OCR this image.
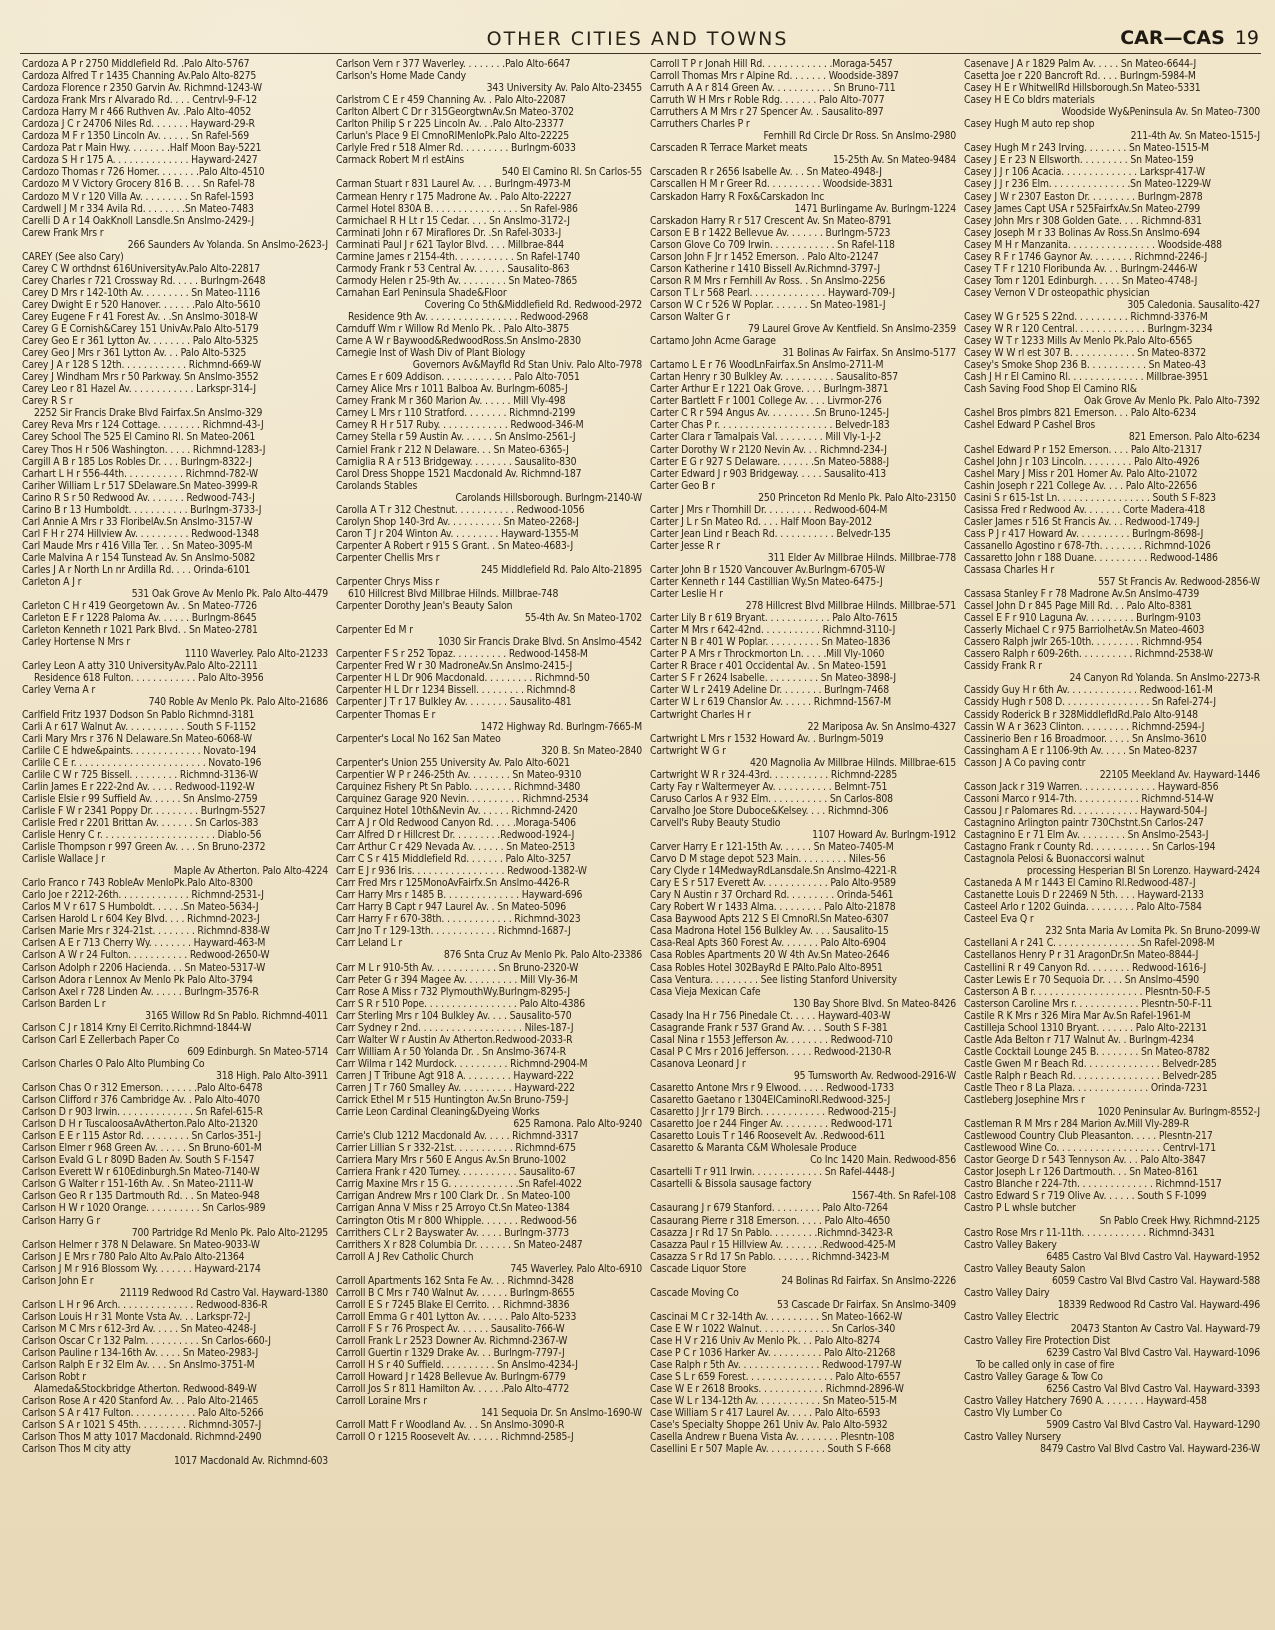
OTHER CITIES AND TOWNS	CAR—CAS 19
Cardoza A P r 2750 Middlefield Rd. .Palo Alto-5767
Cardoza Alfred T r 1435 Channing Av.Palo Alto-8275
Cardoza Florence r 2350 Garvin Av. Richmnd-1243-W
Cardoza Frank Mrs r Alvarado Rd. . . . Centrvl-9-F-12
Cardoza Harry M r 466 Ruthven Av. .Palo Alto-4052
Cardoza J C r 24706 Niles Rd. . . . . . . Hayward-29-R
Cardoza M F r 1350 Lincoln Av. . . . . . Sn Rafel-569
Cardoza Pat r Main Hwy. . . . . . . .Half Moon Bay-5221
Cardoza S H r 175 A. . . . . . . . . . . . . . Hayward-2427
Cardozo Thomas r 726 Homer. . . . . . . .Palo Alto-4510
Cardozo M V Victory Grocery 816 B. . . . Sn Rafel-78
Cardozo M V r 120 Villa Av. . . . . . . . . Sn Rafel-1593
Cardwell J M r 334 Avila Rd. . . . . . . .Sn Mateo-7483
Carelli D A r 14 OakKnoll Lansdle.Sn Anslmo-2429-J
Carew Frank Mrs r
266 Saunders Av Yolanda. Sn Anslmo-2623-J
CAREY (See also Cary)
Carey C W orthdnst 616UniversityAv.Palo Alto-22817
Carey Charles r 721 Crossway Rd. . . . . Burlngm-2648
Carey D Mrs r 142-10th Av. . . . . . . . . Sn Mateo-1116
Carey Dwight E r 520 Hanover. . . . . . .Palo Alto-5610
Carey Eugene F r 41 Forest Av. . .Sn Anslmo-3018-W
Carey G E Cornish&Carey 151 UnivAv.Palo Alto-5179
Carey Geo E r 361 Lytton Av. . . . . . . . Palo Alto-5325
Carey Geo J Mrs r 361 Lytton Av. . . Palo Alto-5325
Carey J A r 128 S 12th. . . . . . . . . . . . Richmnd-669-W
Carey J Windham Mrs r 50 Parkway. Sn Anslmo-3552
Carey Leo r 81 Hazel Av. . . . . . . . . . . . Larkspr-314-J
Carey R S r
2252 Sir Francis Drake Blvd Fairfax.Sn Anslmo-329
Carey Reva Mrs r 124 Cottage. . . . . . . . Richmnd-43-J
Carey School The 525 El Camino Rl. Sn Mateo-2061
Carey Thos H r 506 Washington. . . . . Richmnd-1283-J
Cargill A B r 185 Los Robles Dr. . . . Burlngm-8322-J
Carhart L H r 556-44th. . . . . . . . . . . Richmnd-782-W
Cariher William L r 517 SDelaware.Sn Mateo-3999-R
Carino R S r 50 Redwood Av. . . . . . . Redwood-743-J
Carino B r 13 Humboldt. . . . . . . . . . . Burlngm-3733-J
Carl Annie A Mrs r 33 FloribelAv.Sn Anslmo-3157-W
Carl F H r 274 Hillview Av. . . . . . . . . . Redwood-1348
Carl Maude Mrs r 416 Villa Ter. . . Sn Mateo-3095-M
Carle Malvina A r 154 Tunstead Av. Sn Anslmo-5082
Carles J A r North Ln nr Ardilla Rd. . . . Orinda-6101
Carleton A J r
531 Oak Grove Av Menlo Pk. Palo Alto-4479
Carleton C H r 419 Georgetown Av. . Sn Mateo-7726
Carleton E F r 1228 Paloma Av. . . . . . Burlngm-8645
Carleton Kenneth r 1021 Park Blvd. . Sn Mateo-2781
Carley Hortense N Mrs r
1110 Waverley. Palo Alto-21233
Carley Leon A atty 310 UniversityAv.Palo Alto-22111
Residence 618 Fulton. . . . . . . . . . . . Palo Alto-3956
Carley Verna A r
740 Roble Av Menlo Pk. Palo Alto-21686
Carlfield Fritz 1937 Dodson Sn Pablo Richmnd-3181
Carli A r 617 Walnut Av. . . . . . . . . . . South S F-1152
Carli Mary Mrs r 376 N Delaware.Sn Mateo-6068-W
Carlile C E hdwe&paints. . . . . . . . . . . . . Novato-194
Carlile C E r. . . . . . . . . . . . . . . . . . . . . . . . Novato-196
Carlile C W r 725 Bissell. . . . . . . . . Richmnd-3136-W
Carlin James E r 222-2nd Av. . . . . Redwood-1192-W
Carlisle Elsie r 99 Suffield Av. . . . . . Sn Anslmo-2759
Carlisle F W r 2341 Poppy Dr. . . . . . . . . Burlngm-5527
Carlisle Fred r 2201 Brittan Av. . . . . . . Sn Carlos-383
Carlisle Henry C r. . . . . . . . . . . . . . . . . . . . . Diablo-56
Carlisle Thompson r 997 Green Av. . . . Sn Bruno-2372
Carlisle Wallace J r
Maple Av Atherton. Palo Alto-4224
Carlo Franco r 743 RobleAv MenloPk.Palo Alto-8300
Carlo Joe r 2212-26th. . . . . . . . . . . . . Richmnd-2531-J
Carlos M V r 617 S Humboldt. . . . . .Sn Mateo-5634-J
Carlsen Harold L r 604 Key Blvd. . . . Richmnd-2023-J
Carlsen Marie Mrs r 324-21st. . . . . . . . Richmnd-838-W
Carlsen A E r 713 Cherry Wy. . . . . . . . Hayward-463-M
Carlson A W r 24 Fulton. . . . . . . . . . . Redwood-2650-W
Carlson Adolph r 2206 Hacienda. . . Sn Mateo-5317-W
Carlson Adora r Lennox Av Menlo Pk Palo Alto-3794
Carlson Axel r 728 Linden Av. . . . . . Burlngm-3576-R
Carlson Barden L r
3165 Willow Rd Sn Pablo. Richmnd-4011
Carlson C J r 1814 Krny El Cerrito.Richmnd-1844-W
Carlson Carl E Zellerbach Paper Co
609 Edinburgh. Sn Mateo-5714
Carlson Charles O Palo Alto Plumbing Co
318 High. Palo Alto-3911
Carlson Chas O r 312 Emerson. . . . . . .Palo Alto-6478
Carlson Clifford r 376 Cambridge Av. . Palo Alto-4070
Carlson D r 903 Irwin. . . . . . . . . . . . . . Sn Rafel-615-R
Carlson D H r TuscaloosaAvAtherton.Palo Alto-21320
Carlson E E r 115 Astor Rd. . . . . . . . . Sn Carlos-351-J
Carlson Elmer r 968 Green Av. . . . . . Sn Bruno-601-M
Carlson Evald G L r 809D Baden Av. South S F-1547
Carlson Everett W r 610Edinburgh.Sn Mateo-7140-W
Carlson G Walter r 151-16th Av. . Sn Mateo-2111-W
Carlson Geo R r 135 Dartmouth Rd. . . Sn Mateo-948
Carlson H W r 1020 Orange. . . . . . . . . . Sn Carlos-989
Carlson Harry G r
700 Partridge Rd Menlo Pk. Palo Alto-21295
Carlson Helmer r 378 N Delaware. Sn Mateo-9033-W
Carlson J E Mrs r 780 Palo Alto Av.Palo Alto-21364
Carlson J M r 916 Blossom Wy. . . . . . . Hayward-2174
Carlson John E r
21119 Redwood Rd Castro Val. Hayward-1380
Carlson L H r 96 Arch. . . . . . . . . . . . . . Redwood-836-R
Carlson Louis H r 31 Monte Vsta Av. . . Larkspr-72-J
Carlson M C Mrs r 612-3rd Av. . . . . Sn Mateo-4248-J
Carlson Oscar C r 132 Palm. . . . . . . . . . Sn Carlos-660-J
Carlson Pauline r 134-16th Av. . . . . Sn Mateo-2983-J
Carlson Ralph E r 32 Elm Av. . . . Sn Anslmo-3751-M
Carlson Robt r
Alameda&Stockbridge Atherton. Redwood-849-W
Carlson Rose A r 420 Stanford Av. . . Palo Alto-21465
Carlson S A r 417 Fulton. . . . . . . . . . . . Palo Alto-5266
Carlson S A r 1021 S 45th. . . . . . . . . Richmnd-3057-J
Carlson Thos M atty 1017 Macdonald. Richmnd-2490
Carlson Thos M city atty
1017 Macdonald Av. Richmnd-603
Carlson Vern r 377 Waverley. . . . . . . .Palo Alto-6647
Carlson's Home Made Candy
343 University Av. Palo Alto-23455
Carlstrom C E r 459 Channing Av. . Palo Alto-22087
Carlton Albert C Dr r 315GeorgtwnAv.Sn Mateo-3702
Carlton Philip S r 225 Lincoln Av. . .Palo Alto-23377
Carlun's Place 9 El CmnoRlMenloPk.Palo Alto-22225
Carlyle Fred r 518 Almer Rd. . . . . . . . . Burlngm-6033
Carmack Robert M rl estAins
540 El Camino Rl. Sn Carlos-55
Carman Stuart r 831 Laurel Av. . . . Burlngm-4973-M
Carmean Henry r 175 Madrone Av. . Palo Alto-22227
Carmel Hotel 830A B. . . . . . . . . . . . . . . . Sn Rafel-986
Carmichael R H Lt r 15 Cedar. . . . Sn Anslmo-3172-J
Carminati John r 67 Miraflores Dr. .Sn Rafel-3033-J
Carminati Paul J r 621 Taylor Blvd. . . . Millbrae-844
Carmine James r 2154-4th. . . . . . . . . . . Sn Rafel-1740
Carmody Frank r 53 Central Av. . . . . . Sausalito-863
Carmody Helen r 25-9th Av. . . . . . . . . Sn Mateo-7865
Carnahan Earl Peninsula Shade&Floor
Covering Co 5th&Middlefield Rd. Redwood-2972
Residence 9th Av. . . . . . . . . . . . . . . . . Redwood-2968
Carnduff Wm r Willow Rd Menlo Pk. . Palo Alto-3875
Carne A W r Baywood&RedwoodRoss.Sn Anslmo-2830
Carnegie Inst of Wash Div of Plant Biology
Governors Av&Mayfld Rd Stan Univ. Palo Alto-7978
Carnes E r 609 Addison. . . . . . . . . . . . . Palo Alto-7051
Carney Alice Mrs r 1011 Balboa Av. Burlngm-6085-J
Carney Frank M r 360 Marion Av. . . . . . Mill Vly-498
Carney L Mrs r 110 Stratford. . . . . . . . Richmnd-2199
Carney R H r 517 Ruby. . . . . . . . . . . . . Redwood-346-M
Carney Stella r 59 Austin Av. . . . . . Sn Anslmo-2561-J
Carniel Frank r 212 N Delaware. . . Sn Mateo-6365-J
Carniglia R A r 513 Bridgeway. . . . . . . . Sausalito-830
Carol Dress Shoppe 1521 Macdonald Av. Richmnd-187
Carolands Stables
Carolands Hillsborough. Burlngm-2140-W
Carolla A T r 312 Chestnut. . . . . . . . . . . Redwood-1056
Carolyn Shop 140-3rd Av. . . . . . . . . . Sn Mateo-2268-J
Caron T J r 204 Winton Av. . . . . . . . . Hayward-1355-M
Carpenter A Robert r 915 S Grant. . Sn Mateo-4683-J
Carpenter Chellis Mrs r
245 Middlefield Rd. Palo Alto-21895
Carpenter Chrys Miss r
610 Hillcrest Blvd Millbrae Hilnds. Millbrae-748
Carpenter Dorothy Jean's Beauty Salon
55-4th Av. Sn Mateo-1702
Carpenter Ed M r
1030 Sir Francis Drake Blvd. Sn Anslmo-4542
Carpenter F S r 252 Topaz. . . . . . . . . . Redwood-1458-M
Carpenter Fred W r 30 MadroneAv.Sn Anslmo-2415-J
Carpenter H L Dr 906 Macdonald. . . . . . . . . Richmnd-50
Carpenter H L Dr r 1234 Bissell. . . . . . . . . Richmnd-8
Carpenter J T r 17 Bulkley Av. . . . . . . . Sausalito-481
Carpenter Thomas E r
1472 Highway Rd. Burlngm-7665-M
Carpenter's Local No 162 San Mateo
320 B. Sn Mateo-2840
Carpenter's Union 255 University Av. Palo Alto-6021
Carpentier W P r 246-25th Av. . . . . . . . Sn Mateo-9310
Carquinez Fishery Pt Sn Pablo. . . . . . . . Richmnd-3480
Carquinez Garage 920 Nevin. . . . . . . . . . Richmnd-2534
Carquinez Hotel 10th&Nevin Av. . . . . . Richmnd-2420
Carr A J r Old Redwood Canyon Rd. . . . .Moraga-5406
Carr Alfred D r Hillcrest Dr. . . . . . . . .Redwood-1924-J
Carr Arthur C r 429 Nevada Av. . . . . . Sn Mateo-2513
Carr C S r 415 Middlefield Rd. . . . . . . Palo Alto-3257
Carr E J r 936 Iris. . . . . . . . . . . . . . . . . Redwood-1382-W
Carr Fred Mrs r 125MonoAvFairfx.Sn Anslmo-4426-R
Carr Harry Mrs r 1485 B. . . . . . . . . . . . . . Hayward-696
Carr Harry B Capt r 947 Laurel Av. . Sn Mateo-5096
Carr Harry F r 670-38th. . . . . . . . . . . . . Richmnd-3023
Carr Jno T r 129-13th. . . . . . . . . . . . Richmnd-1687-J
Carr Leland L r
876 Snta Cruz Av Menlo Pk. Palo Alto-23386
Carr M L r 910-5th Av. . . . . . . . . . . . Sn Bruno-2320-W
Carr Peter G r 394 Magee Av. . . . . . . . . . Mill Vly-36-M
Carr Rose A Miss r 732 PlymouthWy.Burlngm-8295-J
Carr S R r 510 Pope. . . . . . . . . . . . . . . . . Palo Alto-4386
Carr Sterling Mrs r 104 Bulkley Av. . . . Sausalito-570
Carr Sydney r 2nd. . . . . . . . . . . . . . . . . . . Niles-187-J
Carr Walter W r Austin Av Atherton.Redwood-2033-R
Carr William A r 50 Yolanda Dr. . Sn Anslmo-3674-R
Carr Wilma r 142 Murdock. . . . . . . . . . Richmnd-2904-M
Carren J T Tribune Agt 918 A. . . . . . . . . Hayward-222
Carren J T r 760 Smalley Av. . . . . . . . . . Hayward-222
Carrick Ethel M r 515 Huntington Av.Sn Bruno-759-J
Carrie Leon Cardinal Cleaning&Dyeing Works
625 Ramona. Palo Alto-9240
Carrie's Club 1212 Macdonald Av. . . . . Richmnd-3317
Carrier Lillian S r 332-21st. . . . . . . . . . . Richmnd-675
Carriera Mary Mrs r 560 E Angus Av.Sn Bruno-1002
Carriera Frank r 420 Turney. . . . . . . . . . . Sausalito-67
Carrig Maxine Mrs r 15 G. . . . . . . . . . . . .Sn Rafel-4022
Carrigan Andrew Mrs r 100 Clark Dr. . Sn Mateo-100
Carrigan Anna V Miss r 25 Arroyo Ct.Sn Mateo-1384
Carrington Otis M r 800 Whipple. . . . . . . Redwood-56
Carrithers C L r 2 Bayswater Av. . . . . Burlngm-3773
Carrithers X r 828 Columbia Dr. . . . . . . Sn Mateo-2487
Carroll A J Rev Catholic Church
745 Waverley. Palo Alto-6910
Carroll Apartments 162 Snta Fe Av. . . Richmnd-3428
Carroll B C Mrs r 740 Walnut Av. . . . . . Burlngm-8655
Carroll E S r 7245 Blake El Cerrito. . . Richmnd-3836
Carroll Emma G r 401 Lytton Av. . . . . . Palo Alto-5233
Carroll F S r 76 Prospect Av. . . . . . Sausalito-766-W
Carroll Frank L r 2523 Downer Av. Richmnd-2367-W
Carroll Guertin r 1329 Drake Av. . . Burlngm-7797-J
Carroll H S r 40 Suffield. . . . . . . . . . Sn Anslmo-4234-J
Carroll Howard J r 1428 Bellevue Av. Burlngm-6779
Carroll Jos S r 811 Hamilton Av. . . . . .Palo Alto-4772
Carroll Loraine Mrs r
141 Sequoia Dr. Sn Anslmo-1690-W
Carroll Matt F r Woodland Av. . . Sn Anslmo-3090-R
Carroll O r 1215 Roosevelt Av. . . . . . Richmnd-2585-J
Carroll T P r Jonah Hill Rd. . . . . . . . . . . . .Moraga-5457
Carroll Thomas Mrs r Alpine Rd. . . . . . . Woodside-3897
Carruth A A r 814 Green Av. . . . . . . . . . . Sn Bruno-711
Carruth W H Mrs r Roble Rdg. . . . . . . Palo Alto-7077
Carruthers A M Mrs r 27 Spencer Av. . Sausalito-897
Carruthers Charles P r
Fernhill Rd Circle Dr Ross. Sn Anslmo-2980
Carscaden R Terrace Market meats
15-25th Av. Sn Mateo-9484
Carscaden R r 2656 Isabelle Av. . . Sn Mateo-4948-J
Carscallen H M r Greer Rd. . . . . . . . . . Woodside-3831
Carskadon Harry R Fox&Carskadon Inc
1471 Burlingame Av. Burlngm-1224
Carskadon Harry R r 517 Crescent Av. Sn Mateo-8791
Carson E B r 1422 Bellevue Av. . . . . . . Burlngm-5723
Carson Glove Co 709 Irwin. . . . . . . . . . . . Sn Rafel-118
Carson John F Jr r 1452 Emerson. . Palo Alto-21247
Carson Katherine r 1410 Bissell Av.Richmnd-3797-J
Carson R M Mrs r Fernhill Av Ross. . Sn Anslmo-2256
Carson T L r 568 Pearl. . . . . . . . . . . . . . Hayward-709-J
Carson W C r 526 W Poplar. . . . . . . Sn Mateo-1981-J
Carson Walter G r
79 Laurel Grove Av Kentfield. Sn Anslmo-2359
Cartamo John Acme Garage
31 Bolinas Av Fairfax. Sn Anslmo-5177
Cartamo L E r 76 WoodLnFairfax.Sn Anslmo-2711-M
Cartan Henry r 30 Bulkley Av. . . . . . . . . . Sausalito-857
Carter Arthur E r 1221 Oak Grove. . . . Burlngm-3871
Carter Bartlett F r 1001 College Av. . . . Livrmor-276
Carter C R r 594 Angus Av. . . . . . . . .Sn Bruno-1245-J
Carter Chas P r. . . . . . . . . . . . . . . . . . . . . Belvedr-183
Carter Clara r Tamalpais Val. . . . . . . . . Mill Vly-1-J-2
Carter Dorothy W r 2120 Nevin Av. . . Richmnd-234-J
Carter E G r 927 S Delaware. . . . . . .Sn Mateo-5888-J
Carter Edward J r 903 Bridgeway. . . . . Sausalito-413
Carter Geo B r
250 Princeton Rd Menlo Pk. Palo Alto-23150
Carter J Mrs r Thornhill Dr. . . . . . . . . Redwood-604-M
Carter J L r Sn Mateo Rd. . . . Half Moon Bay-2012
Carter Jean Lind r Beach Rd. . . . . . . . . . . Belvedr-135
Carter Jesse R r
311 Elder Av Millbrae Hilnds. Millbrae-778
Carter John B r 1520 Vancouver Av.Burlngm-6705-W
Carter Kenneth r 144 Castillian Wy.Sn Mateo-6475-J
Carter Leslie H r
278 Hillcrest Blvd Millbrae Hilnds. Millbrae-571
Carter Lily B r 619 Bryant. . . . . . . . . . . . Palo Alto-7615
Carter M Mrs r 642-42nd. . . . . . . . . . . Richmnd-3110-J
Carter N B r 401 W Poplar. . . . . . . . . . Sn Mateo-1836
Carter P A Mrs r Throckmorton Ln. . . . .Mill Vly-1060
Carter R Brace r 401 Occidental Av. . Sn Mateo-1591
Carter S F r 2624 Isabelle. . . . . . . . . . Sn Mateo-3898-J
Carter W L r 2419 Adeline Dr. . . . . . . . Burlngm-7468
Carter W L r 619 Chanslor Av. . . . . . Richmnd-1567-M
Cartwright Charles H r
22 Mariposa Av. Sn Anslmo-4327
Cartwright L Mrs r 1532 Howard Av. . Burlngm-5019
Cartwright W G r
420 Magnolia Av Millbrae Hilnds. Millbrae-615
Cartwright W R r 324-43rd. . . . . . . . . . . Richmnd-2285
Carty Fay r Waltermeyer Av. . . . . . . . . . . Belmnt-751
Caruso Carlos A r 932 Elm. . . . . . . . . . . Sn Carlos-808
Carvalho Joe Store Duboce&Kelsey. . . . Richmnd-306
Carvell's Ruby Beauty Studio
1107 Howard Av. Burlngm-1912
Carver Harry E r 121-15th Av. . . . . . Sn Mateo-7405-M
Carvo D M stage depot 523 Main. . . . . . . . . Niles-56
Cary Clyde r 14MedwayRdLansdale.Sn Anslmo-4221-R
Cary E S r 517 Everett Av. . . . . . . . . . . . Palo Alto-9589
Cary N Austin r 37 Orchard Rd. . . . . . . . . Orinda-5461
Cary Robert W r 1433 Alma. . . . . . . . . Palo Alto-21878
Casa Baywood Apts 212 S El CmnoRl.Sn Mateo-6307
Casa Madrona Hotel 156 Bulkley Av. . . . Sausalito-15
Casa-Real Apts 360 Forest Av. . . . . . . Palo Alto-6904
Casa Robles Apartments 20 W 4th Av.Sn Mateo-2646
Casa Robles Hotel 302BayRd E PAlto.Palo Alto-8951
Casa Ventura. . . . . . . . . See listing Stanford University
Casa Vieja Mexican Cafe
130 Bay Shore Blvd. Sn Mateo-8426
Casady Ina H r 756 Pinedale Ct. . . . . Hayward-403-W
Casagrande Frank r 537 Grand Av. . . . South S F-381
Casal Nina r 1553 Jefferson Av. . . . . . . . Redwood-710
Casal P C Mrs r 2016 Jefferson. . . . . Redwood-2130-R
Casanova Leonard J r
95 Turnsworth Av. Redwood-2916-W
Casaretto Antone Mrs r 9 Elwood. . . . . Redwood-1733
Casaretto Gaetano r 1304ElCaminoRl.Redwood-325-J
Casaretto J Jr r 179 Birch. . . . . . . . . . . . Redwood-215-J
Casaretto Joe r 244 Finger Av. . . . . . . . . Redwood-171
Casaretto Louis T r 146 Roosevelt Av. .Redwood-611
Casaretto & Maranta C&M Wholesale Produce
Co Inc 1420 Main. Redwood-856
Casartelli T r 911 Irwin. . . . . . . . . . . . . Sn Rafel-4448-J
Casartelli & Bissola sausage factory
1567-4th. Sn Rafel-108
Casaurang J r 679 Stanford. . . . . . . . . Palo Alto-7264
Casaurang Pierre r 318 Emerson. . . . . Palo Alto-4650
Casazza J r Rd 17 Sn Pablo. . . . . . . . .Richmnd-3423-R
Casazza Paul r 15 Hillview Av. . . . . . . .Redwood-425-M
Casazza S r Rd 17 Sn Pablo. . . . . . . Richmnd-3423-M
Cascade Liquor Store
24 Bolinas Rd Fairfax. Sn Anslmo-2226
Cascade Moving Co
53 Cascade Dr Fairfax. Sn Anslmo-3409
Cascinai M C r 32-14th Av. . . . . . . . . . Sn Mateo-1662-W
Case E W r 1022 Walnut. . . . . . . . . . . . . Sn Carlos-340
Case H V r 216 Univ Av Menlo Pk. . . Palo Alto-8274
Case P C r 1036 Harker Av. . . . . . . . . . Palo Alto-21268
Case Ralph r 5th Av. . . . . . . . . . . . . . . Redwood-1797-W
Case S L r 659 Forest. . . . . . . . . . . . . . . . Palo Alto-6557
Case W E r 2618 Brooks. . . . . . . . . . . . Richmnd-2896-W
Case W L r 134-12th Av. . . . . . . . . . . . Sn Mateo-515-M
Case William S r 417 Laurel Av. . . . . Palo Alto-6593
Case's Specialty Shoppe 261 Univ Av. Palo Alto-5932
Casella Andrew r Buena Vista Av. . . . . . . . Plesntn-108
Casellini E r 507 Maple Av. . . . . . . . . . . South S F-668
Casenave J A r 1829 Palm Av. . . . . Sn Mateo-6644-J
Casetta Joe r 220 Bancroft Rd. . . . Burlngm-5984-M
Casey H E r WhitwellRd Hillsborough.Sn Mateo-5331
Casey H E Co bldrs materials
Woodside Wy&Peninsula Av. Sn Mateo-7300
Casey Hugh M auto rep shop
211-4th Av. Sn Mateo-1515-J
Casey Hugh M r 243 Irving. . . . . . . . Sn Mateo-1515-M
Casey J E r 23 N Ellsworth. . . . . . . . . Sn Mateo-159
Casey J J r 106 Acacia. . . . . . . . . . . . . . Larkspr-417-W
Casey J J r 236 Elm. . . . . . . . . . . . . . .Sn Mateo-1229-W
Casey J W r 2307 Easton Dr. . . . . . . . . Burlngm-2878
Casey James Capt USA r 525FairfxAv.Sn Mateo-2799
Casey John Mrs r 308 Golden Gate. . . . Richmnd-831
Casey Joseph M r 33 Bolinas Av Ross.Sn Anslmo-694
Casey M H r Manzanita. . . . . . . . . . . . . . . . Woodside-488
Casey R F r 1746 Gaynor Av. . . . . . . . Richmnd-2246-J
Casey T F r 1210 Floribunda Av. . . Burlngm-2446-W
Casey Tom r 1201 Edinburgh. . . . . Sn Mateo-4748-J
Casey Vernon V Dr osteopathic physician
305 Caledonia. Sausalito-427
Casey W G r 525 S 22nd. . . . . . . . . . Richmnd-3376-M
Casey W R r 120 Central. . . . . . . . . . . . . Burlngm-3234
Casey W T r 1233 Mills Av Menlo Pk.Palo Alto-6565
Casey W W rl est 307 B. . . . . . . . . . . . Sn Mateo-8372
Casey's Smoke Shop 236 B. . . . . . . . . . . Sn Mateo-43
Cash J H r El Camino Rl. . . . . . . . . . . . . . Millbrae-3951
Cash Saving Food Shop El Camino Rl&
Oak Grove Av Menlo Pk. Palo Alto-7392
Cashel Bros plmbrs 821 Emerson. . . Palo Alto-6234
Cashel Edward P Cashel Bros
821 Emerson. Palo Alto-6234
Cashel Edward P r 152 Emerson. . . . Palo Alto-21317
Cashel John J r 103 Lincoln. . . . . . . . . Palo Alto-4926
Cashel Mary J Miss r 201 Homer Av. Palo Alto-21072
Cashin Joseph r 221 College Av. . . . Palo Alto-22656
Casini S r 615-1st Ln. . . . . . . . . . . . . . . . . South S F-823
Casissa Fred r Redwood Av. . . . . . . Corte Madera-418
Casler James r 516 St Francis Av. . . Redwood-1749-J
Cass P J r 417 Howard Av. . . . . . . . . . Burlngm-8698-J
Cassanello Agostino r 678-7th. . . . . . . . Richmnd-1026
Cassaretto John r 188 Duane. . . . . . . . . . Redwood-1486
Cassasa Charles H r
557 St Francis Av. Redwood-2856-W
Cassasa Stanley F r 78 Madrone Av.Sn Anslmo-4739
Cassel John D r 845 Page Mill Rd. . . Palo Alto-8381
Cassel E F r 910 Laguna Av. . . . . . . . . Burlngm-9103
Casserly Michael C r 975 BarriolhetAv.Sn Mateo-4603
Cassero Ralph jwlr 265-10th. . . . . . . . . Richmnd-954
Cassero Ralph r 609-26th. . . . . . . . . . Richmnd-2538-W
Cassidy Frank R r
24 Canyon Rd Yolanda. Sn Anslmo-2273-R
Cassidy Guy H r 6th Av. . . . . . . . . . . . . Redwood-161-M
Cassidy Hugh r 508 D. . . . . . . . . . . . . . . . Sn Rafel-274-J
Cassidy Roderick B r 328MiddlefldRd.Palo Alto-9148
Cassin W A r 3623 Clinton. . . . . . . . . Richmnd-2594-J
Cassinerio Ben r 16 Broadmoor. . . . . Sn Anslmo-3610
Cassingham A E r 1106-9th Av. . . . . Sn Mateo-8237
Casson J A Co paving contr
22105 Meekland Av. Hayward-1446
Casson Jack r 319 Warren. . . . . . . . . . . . . . Hayward-856
Cassoni Marco r 914-7th. . . . . . . . . . . . Richmnd-514-W
Cassou J r Palomares Rd. . . . . . . . . . . . Hayward-504-J
Castagnino Arlington paintr 730Chstnt.Sn Carlos-247
Castagnino E r 71 Elm Av. . . . . . . . . Sn Anslmo-2543-J
Castagno Frank r County Rd. . . . . . . . . . . Sn Carlos-194
Castagnola Pelosi & Buonaccorsi walnut
processing Hesperian Bl Sn Lorenzo. Hayward-2424
Castaneda A M r 1443 El Camino Rl.Redwood-487-J
Castanette Louis D r 22469 N 5th. . . . Hayward-2133
Casteel Arlo r 1202 Guinda. . . . . . . . . Palo Alto-7584
Casteel Eva Q r
232 Snta Maria Av Lomita Pk. Sn Bruno-2099-W
Castellani A r 241 C. . . . . . . . . . . . . . . .Sn Rafel-2098-M
Castellanos Henry P r 31 AragonDr.Sn Mateo-8844-J
Castellini R r 49 Canyon Rd. . . . . . . . Redwood-1616-J
Caster Lewis E r 70 Sequoia Dr. . . . Sn Anslmo-4590
Casterson A B r. . . . . . . . . . . . . . . . . . . . Plesntn-50-F-5
Casterson Caroline Mrs r. . . . . . . . . . . . Plesntn-50-F-11
Castile R K Mrs r 326 Mira Mar Av.Sn Rafel-1961-M
Castilleja School 1310 Bryant. . . . . . . Palo Alto-22131
Castle Ada Belton r 717 Walnut Av. . Burlngm-4234
Castle Cocktail Lounge 245 B. . . . . . . . Sn Mateo-8782
Castle Gwen M r Beach Rd. . . . . . . . . . . . . . Belvedr-285
Castle Ralph r Beach Rd. . . . . . . . . . . . . . . . Belvedr-285
Castle Theo r 8 La Plaza. . . . . . . . . . . . . . Orinda-7231
Castleberg Josephine Mrs r
1020 Peninsular Av. Burlngm-8552-J
Castleman R M Mrs r 284 Marion Av.Mill Vly-289-R
Castlewood Country Club Pleasanton. . . . . Plesntn-217
Castlewood Wine Co. . . . . . . . . . . . . . . . . . . Centrvl-171
Castor George D r 543 Tennyson Av. . . Palo Alto-3847
Castor Joseph L r 126 Dartmouth. . . Sn Mateo-8161
Castro Blanche r 224-7th. . . . . . . . . . . . . . Richmnd-1517
Castro Edward S r 719 Olive Av. . . . . . South S F-1099
Castro P L whsle butcher
Sn Pablo Creek Hwy. Richmnd-2125
Castro Rose Mrs r 11-11th. . . . . . . . . . . . Richmnd-3431
Castro Valley Bakery
6485 Castro Val Blvd Castro Val. Hayward-1952
Castro Valley Beauty Salon
6059 Castro Val Blvd Castro Val. Hayward-588
Castro Valley Dairy
18339 Redwood Rd Castro Val. Hayward-496
Castro Valley Electric
20473 Stanton Av Castro Val. Hayward-79
Castro Valley Fire Protection Dist
6239 Castro Val Blvd Castro Val. Hayward-1096
To be called only in case of fire
Castro Valley Garage & Tow Co
6256 Castro Val Blvd Castro Val. Hayward-3393
Castro Valley Hatchery 7690 A. . . . . . . . Hayward-458
Castro Vly Lumber Co
5909 Castro Val Blvd Castro Val. Hayward-1290
Castro Valley Nursery
8479 Castro Val Blvd Castro Val. Hayward-236-W
